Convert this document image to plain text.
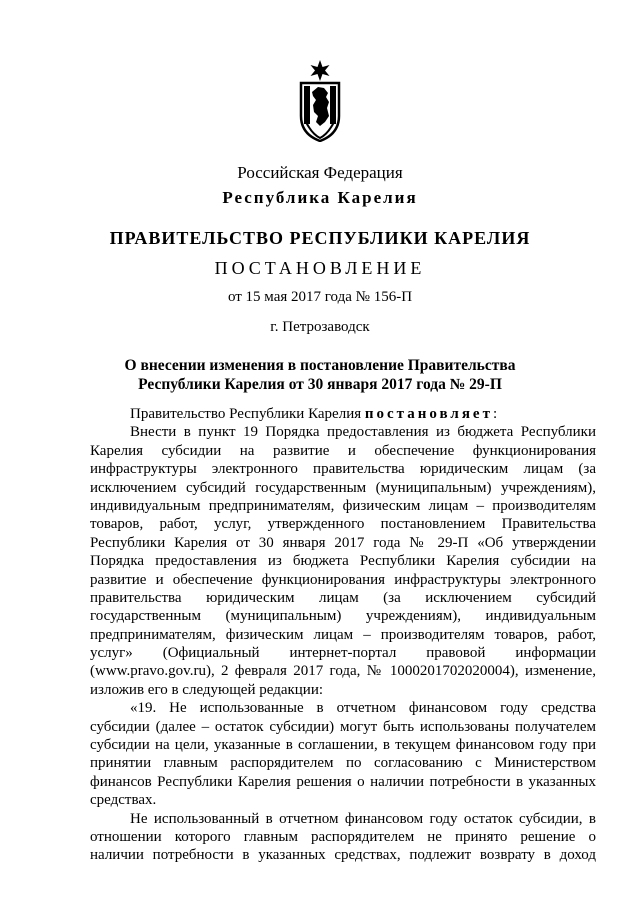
Российская Федерация
Республика Карелия
ПРАВИТЕЛЬСТВО РЕСПУБЛИКИ КАРЕЛИЯ
ПОСТАНОВЛЕНИЕ
от 15 мая 2017 года № 156-П
г. Петрозаводск
О внесении изменения в постановление Правительства
Республики Карелия от 30 января 2017 года № 29-П
Правительство Республики Карелия постановляет:
Внести в пункт 19 Порядка предоставления из бюджета Республики
Карелия субсидии на развитие и обеспечение функционирования
инфраструктуры электронного правительства юридическим лицам (за
исключением субсидий государственным (муниципальным) учреждениям),
индивидуальным предпринимателям, физическим лицам – производителям
товаров, работ, услуг, утвержденного постановлением Правительства
Республики Карелия от 30 января 2017 года № 29-П «Об утверждении
Порядка предоставления из бюджета Республики Карелия субсидии на
развитие и обеспечение функционирования инфраструктуры электронного
правительства юридическим лицам (за исключением субсидий
государственным (муниципальным) учреждениям), индивидуальным
предпринимателям, физическим лицам – производителям товаров, работ,
услуг» (Официальный интернет-портал правовой информации
(www.pravo.gov.ru), 2 февраля 2017 года, № 1000201702020004), изменение,
изложив его в следующей редакции:
«19. Не использованные в отчетном финансовом году средства
субсидии (далее – остаток субсидии) могут быть использованы получателем
субсидии на цели, указанные в соглашении, в текущем финансовом году при
принятии главным распорядителем по согласованию с Министерством
финансов Республики Карелия решения о наличии потребности в указанных
средствах.
Не использованный в отчетном финансовом году остаток субсидии, в
отношении которого главным распорядителем не принято решение о
наличии потребности в указанных средствах, подлежит возврату в доход
